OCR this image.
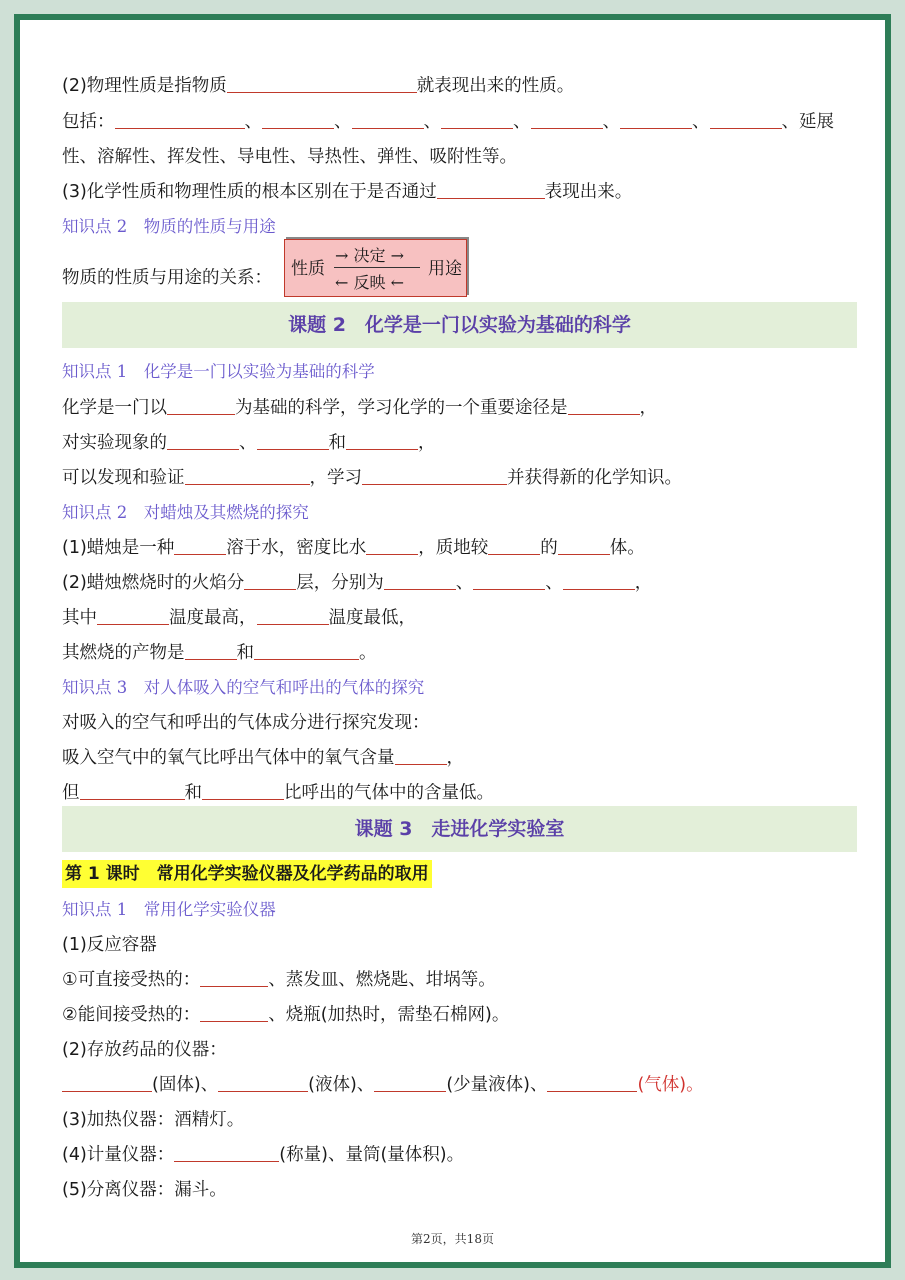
(2)物理性质是指物质	就表现出来的性质。
包括：	、	、	、	、	、	、	、延展
性、溶解性、挥发性、导电性、导热性、弹性、吸附性等。
(3)化学性质和物理性质的根本区别在于是否通过	表现出来。
知识点 2　物质的性质与用途
物质的性质与用途的关系： 性质
→ 决定 →
← 反映 ←
用途
课题 2　化学是一门以实验为基础的科学
知识点 1　化学是一门以实验为基础的科学
化学是一门以	为基础的科学，学习化学的一个重要途径是	，
对实验现象的	、	和	，
可以发现和验证	，学习	并获得新的化学知识。
知识点 2　对蜡烛及其燃烧的探究
(1)蜡烛是一种	溶于水，密度比水	，质地较	的	体。
(2)蜡烛燃烧时的火焰分	层，分别为	、	、	，
其中	温度最高，	温度最低，
其燃烧的产物是	和	。
知识点 3　对人体吸入的空气和呼出的气体的探究
对吸入的空气和呼出的气体成分进行探究发现：
吸入空气中的氧气比呼出气体中的氧气含量	，
但	和	比呼出的气体中的含量低。
课题 3　走进化学实验室
第 1 课时　常用化学实验仪器及化学药品的取用
知识点 1　常用化学实验仪器
(1)反应容器
①可直接受热的：	、蒸发皿、燃烧匙、坩埚等。
②能间接受热的：	、烧瓶(加热时，需垫石棉网)。
(2)存放药品的仪器：
(固体)、	(液体)、	(少量液体)、	(气体)。
(3)加热仪器：酒精灯。
(4)计量仪器：	(称量)、量筒(量体积)。
(5)分离仪器：漏斗。
第2页，共18页
